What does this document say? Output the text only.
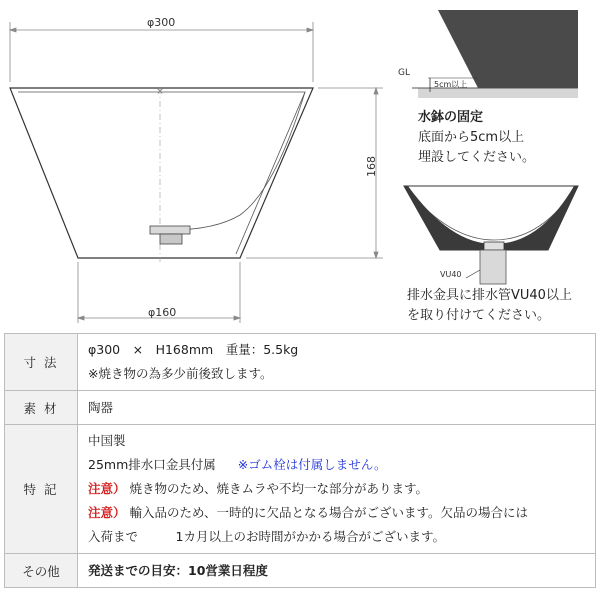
×
φ300
168
φ160
GL
5cm以上
VU40
水鉢の固定
底面から5cm以上
埋設してください。
排水金具に排水管VU40以上
を取り付けてください。
寸 法	φ300　×　H168mm　重量：5.5kg
※焼き物の為多少前後致します。

素 材	陶器
特 記	中国製
25mm排水口金具付属 ※ゴム栓は付属しません。
注意） 焼き物のため、焼きムラや不均一な部分があります。
注意） 輸入品のため、一時的に欠品となる場合がございます。欠品の場合には
入荷まで　　　1カ月以上のお時間がかかる場合がございます。

その他	発送までの目安：10営業日程度
